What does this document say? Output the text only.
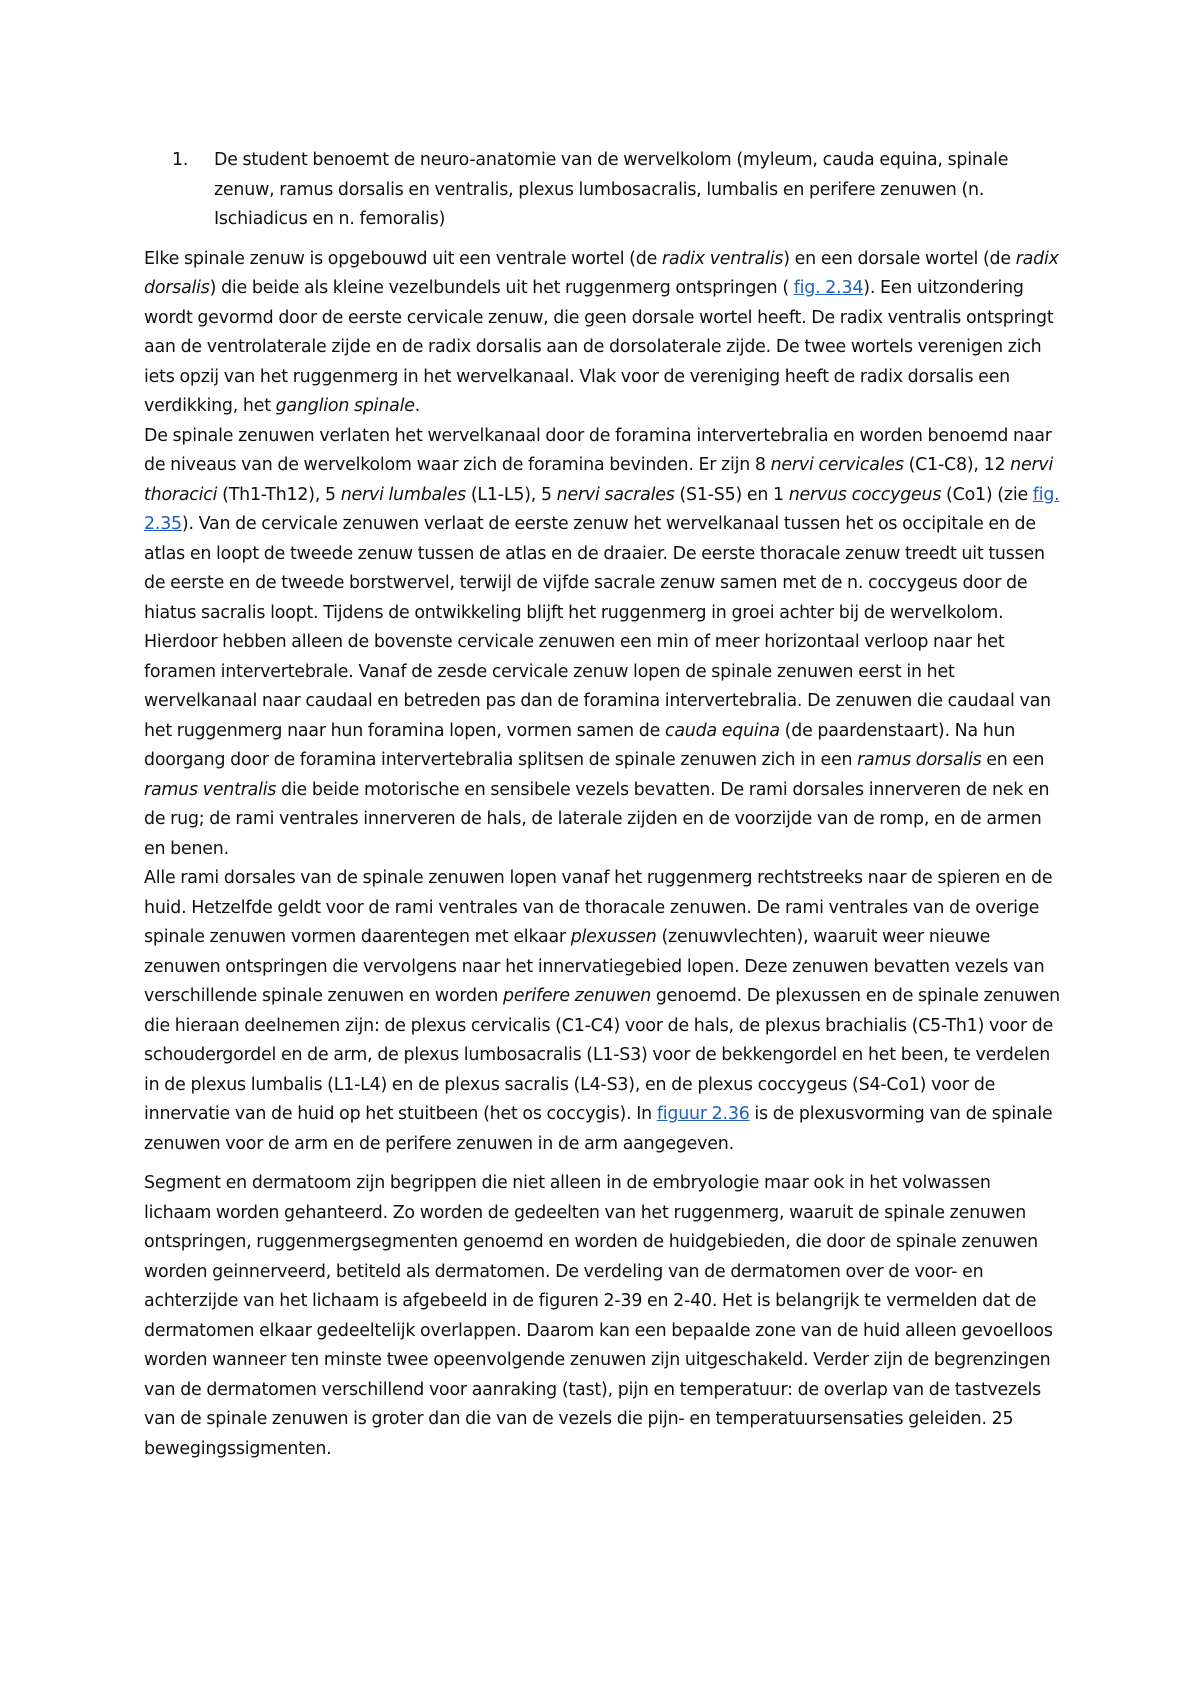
1.	De student benoemt de neuro-anatomie van de wervelkolom (myleum, cauda equina, spinale zenuw, ramus dorsalis en ventralis, plexus lumbosacralis, lumbalis en perifere zenuwen (n. Ischiadicus en n. femoralis)

Elke spinale zenuw is opgebouwd uit een ventrale wortel (de radix ventralis) en een dorsale wortel (de radix dorsalis) die beide als kleine vezelbundels uit het ruggenmerg ontspringen ( fig. 2.34). Een uitzondering wordt gevormd door de eerste cervicale zenuw, die geen dorsale wortel heeft. De radix ventralis ontspringt aan de ventrolaterale zijde en de radix dorsalis aan de dorsolaterale zijde. De twee wortels verenigen zich iets opzij van het ruggenmerg in het wervelkanaal. Vlak voor de vereniging heeft de radix dorsalis een verdikking, het ganglion spinale.

De spinale zenuwen verlaten het wervelkanaal door de foramina intervertebralia en worden benoemd naar de niveaus van de wervelkolom waar zich de foramina bevinden. Er zijn 8 nervi cervicales (C1-C8), 12 nervi thoracici (Th1-Th12), 5 nervi lumbales (L1-L5), 5 nervi sacrales (S1-S5) en 1 nervus coccygeus (Co1) (zie fig. 2.35). Van de cervicale zenuwen verlaat de eerste zenuw het wervelkanaal tussen het os occipitale en de atlas en loopt de tweede zenuw tussen de atlas en de draaier. De eerste thoracale zenuw treedt uit tussen de eerste en de tweede borstwervel, terwijl de vijfde sacrale zenuw samen met de n. coccygeus door de hiatus sacralis loopt. Tijdens de ontwikkeling blijft het ruggenmerg in groei achter bij de wervelkolom. Hierdoor hebben alleen de bovenste cervicale zenuwen een min of meer horizontaal verloop naar het foramen intervertebrale. Vanaf de zesde cervicale zenuw lopen de spinale zenuwen eerst in het wervelkanaal naar caudaal en betreden pas dan de foramina intervertebralia. De zenuwen die caudaal van het ruggenmerg naar hun foramina lopen, vormen samen de cauda equina (de paardenstaart). Na hun doorgang door de foramina intervertebralia splitsen de spinale zenuwen zich in een ramus dorsalis en een ramus ventralis die beide motorische en sensibele vezels bevatten. De rami dorsales innerveren de nek en de rug; de rami ventrales innerveren de hals, de laterale zijden en de voorzijde van de romp, en de armen en benen.

Alle rami dorsales van de spinale zenuwen lopen vanaf het ruggenmerg rechtstreeks naar de spieren en de huid. Hetzelfde geldt voor de rami ventrales van de thoracale zenuwen. De rami ventrales van de overige spinale zenuwen vormen daarentegen met elkaar plexussen (zenuwvlechten), waaruit weer nieuwe zenuwen ontspringen die vervolgens naar het innervatiegebied lopen. Deze zenuwen bevatten vezels van verschillende spinale zenuwen en worden perifere zenuwen genoemd. De plexussen en de spinale zenuwen die hieraan deelnemen zijn: de plexus cervicalis (C1-C4) voor de hals, de plexus brachialis (C5-Th1) voor de schoudergordel en de arm, de plexus lumbosacralis (L1-S3) voor de bekkengordel en het been, te verdelen in de plexus lumbalis (L1-L4) en de plexus sacralis (L4-S3), en de plexus coccygeus (S4-Co1) voor de innervatie van de huid op het stuitbeen (het os coccygis). In figuur 2.36 is de plexusvorming van de spinale zenuwen voor de arm en de perifere zenuwen in de arm aangegeven.

Segment en dermatoom zijn begrippen die niet alleen in de embryologie maar ook in het volwassen lichaam worden gehanteerd. Zo worden de gedeelten van het ruggenmerg, waaruit de spinale zenuwen ontspringen, ruggenmergsegmenten genoemd en worden de huidgebieden, die door de spinale zenuwen worden geinnerveerd, betiteld als dermatomen. De verdeling van de dermatomen over de voor- en achterzijde van het lichaam is afgebeeld in de figuren 2-39 en 2-40. Het is belangrijk te vermelden dat de dermatomen elkaar gedeeltelijk overlappen. Daarom kan een bepaalde zone van de huid alleen gevoelloos worden wanneer ten minste twee opeenvolgende zenuwen zijn uitgeschakeld. Verder zijn de begrenzingen van de dermatomen verschillend voor aanraking (tast), pijn en temperatuur: de overlap van de tastvezels van de spinale zenuwen is groter dan die van de vezels die pijn- en temperatuursensaties geleiden. 25 bewegingssigmenten.
